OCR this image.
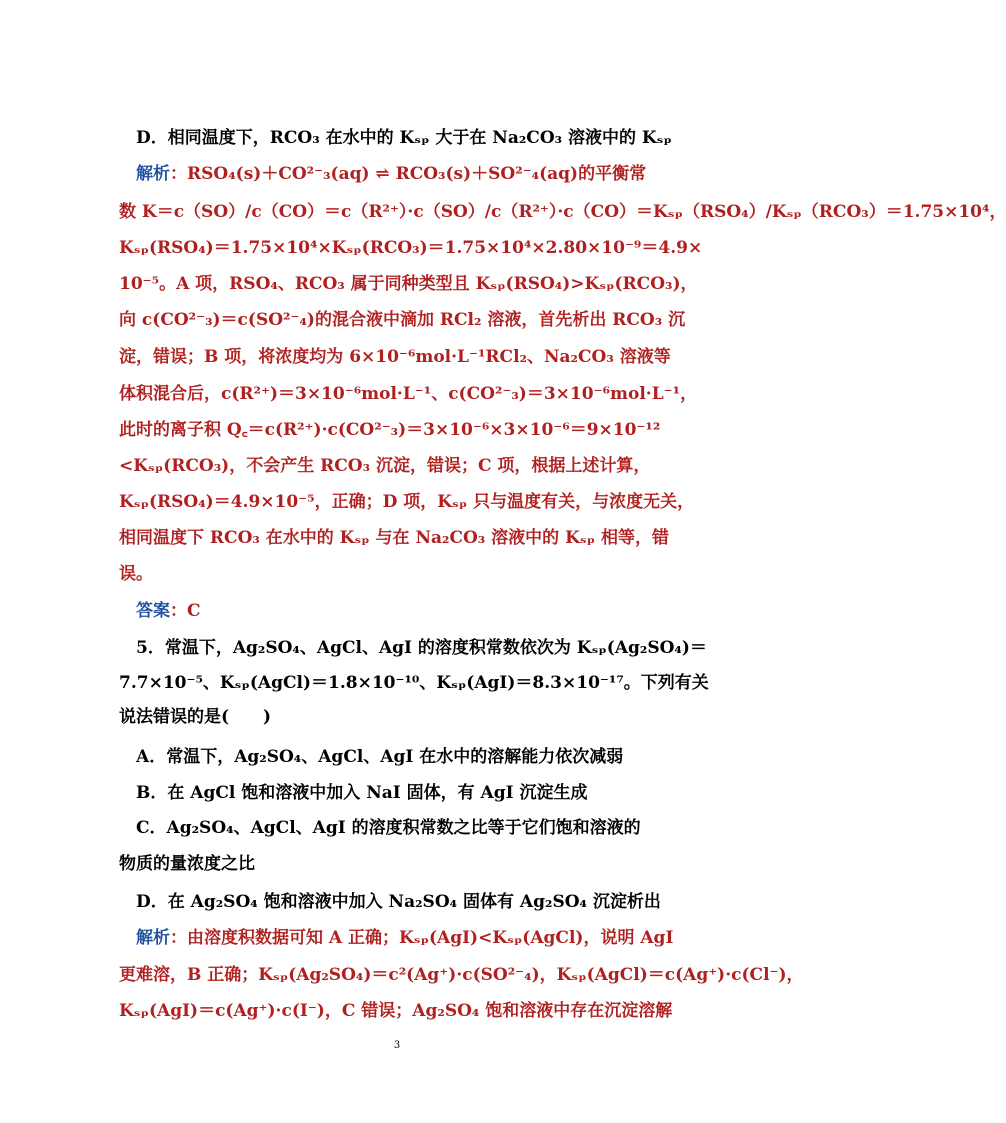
　D．相同温度下，RCO₃ 在水中的 Kₛₚ 大于在 Na₂CO₃ 溶液中的 Kₛₚ
　解析：RSO₄(s)＋CO²⁻₃(aq) ⇌ RCO₃(s)＋SO²⁻₄(aq)的平衡常
数 K＝c（SO）/c（CO）＝c（R²⁺）·c（SO）/c（R²⁺）·c（CO）＝Kₛₚ（RSO₄）/Kₛₚ（RCO₃）＝1.75×10⁴，
Kₛₚ(RSO₄)＝1.75×10⁴×Kₛₚ(RCO₃)＝1.75×10⁴×2.80×10⁻⁹＝4.9×
10⁻⁵。A 项，RSO₄、RCO₃ 属于同种类型且 Kₛₚ(RSO₄)>Kₛₚ(RCO₃)，
向 c(CO²⁻₃)＝c(SO²⁻₄)的混合液中滴加 RCl₂ 溶液，首先析出 RCO₃ 沉
淀，错误；B 项，将浓度均为 6×10⁻⁶mol·L⁻¹RCl₂、Na₂CO₃ 溶液等
体积混合后，c(R²⁺)＝3×10⁻⁶mol·L⁻¹、c(CO²⁻₃)＝3×10⁻⁶mol·L⁻¹，
此时的离子积 Q꜀＝c(R²⁺)·c(CO²⁻₃)＝3×10⁻⁶×3×10⁻⁶＝9×10⁻¹²
<Kₛₚ(RCO₃)，不会产生 RCO₃ 沉淀，错误；C 项，根据上述计算，
Kₛₚ(RSO₄)＝4.9×10⁻⁵，正确；D 项，Kₛₚ 只与温度有关，与浓度无关，
相同温度下 RCO₃ 在水中的 Kₛₚ 与在 Na₂CO₃ 溶液中的 Kₛₚ 相等，错
误。
　答案：C
　5．常温下，Ag₂SO₄、AgCl、AgI 的溶度积常数依次为 Kₛₚ(Ag₂SO₄)＝
7.7×10⁻⁵、Kₛₚ(AgCl)＝1.8×10⁻¹⁰、Kₛₚ(AgI)＝8.3×10⁻¹⁷。下列有关
说法错误的是(　　)
　A．常温下，Ag₂SO₄、AgCl、AgI 在水中的溶解能力依次减弱
　B．在 AgCl 饱和溶液中加入 NaI 固体，有 AgI 沉淀生成
　C．Ag₂SO₄、AgCl、AgI 的溶度积常数之比等于它们饱和溶液的
物质的量浓度之比
　D．在 Ag₂SO₄ 饱和溶液中加入 Na₂SO₄ 固体有 Ag₂SO₄ 沉淀析出
　解析：由溶度积数据可知 A 正确；Kₛₚ(AgI)<Kₛₚ(AgCl)，说明 AgI
更难溶，B 正确；Kₛₚ(Ag₂SO₄)＝c²(Ag⁺)·c(SO²⁻₄)，Kₛₚ(AgCl)＝c(Ag⁺)·c(Cl⁻)，
Kₛₚ(AgI)＝c(Ag⁺)·c(I⁻)，C 错误；Ag₂SO₄ 饱和溶液中存在沉淀溶解
3
